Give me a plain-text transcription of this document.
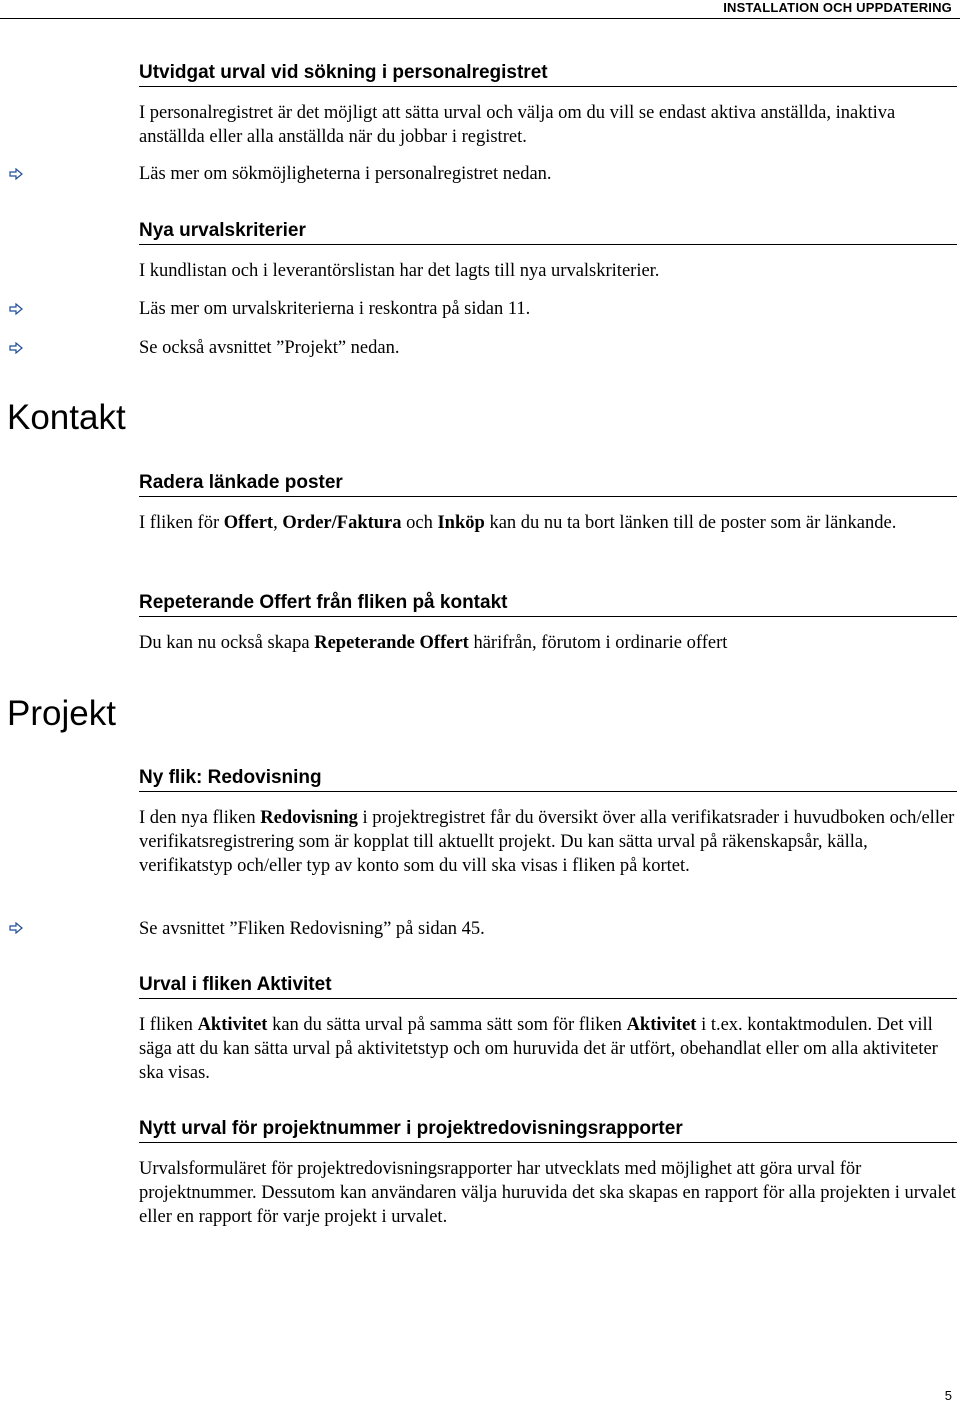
INSTALLATION OCH UPPDATERING
Utvidgat urval vid sökning i personalregistret
I personalregistret är det möjligt att sätta urval och välja om du vill se endast aktiva anställda, inaktiva anställda eller alla anställda när du jobbar i registret.
Läs mer om sökmöjligheterna i personalregistret nedan.
Nya urvalskriterier
I kundlistan och i leverantörslistan har det lagts till nya urvalskriterier.
Läs mer om urvalskriterierna i reskontra på sidan 11.
Se också avsnittet ”Projekt” nedan.
Kontakt
Radera länkade poster
I fliken för Offert, Order/Faktura och Inköp kan du nu ta bort länken till de poster som är länkande.
Repeterande Offert från fliken på kontakt
Du kan nu också skapa Repeterande Offert härifrån, förutom i ordinarie offert
Projekt
Ny flik: Redovisning
I den nya fliken Redovisning i projektregistret får du översikt över alla verifikatsrader i huvudboken och/eller verifikatsregistrering som är kopplat till aktuellt projekt. Du kan sätta urval på räkenskapsår, källa, verifikatstyp och/eller typ av konto som du vill ska visas i fliken på kortet.
Se avsnittet ”Fliken Redovisning” på sidan 45.
Urval i fliken Aktivitet
I fliken Aktivitet kan du sätta urval på samma sätt som för fliken Aktivitet i t.ex. kontaktmodulen. Det vill säga att du kan sätta urval på aktivitetstyp och om huruvida det är utfört, obehandlat eller om alla aktiviteter ska visas.
Nytt urval för projektnummer i projektredovisningsrapporter
Urvalsformuläret för projektredovisningsrapporter har utvecklats med möjlighet att göra urval för projektnummer. Dessutom kan användaren välja huruvida det ska skapas en rapport för alla projekten i urvalet eller en rapport för varje projekt i urvalet.
5
